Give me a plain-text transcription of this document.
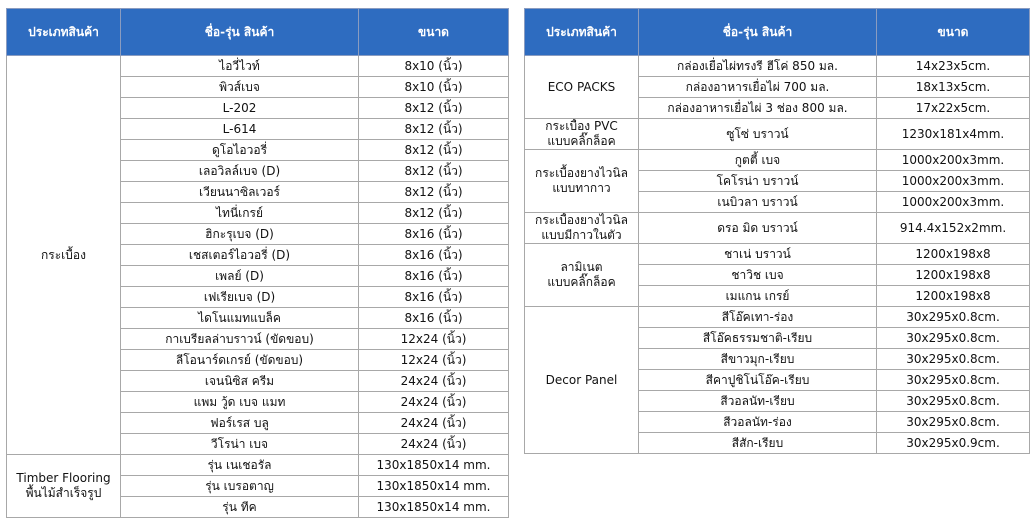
ประเภทสินค้า	ชื่อ-รุ่น สินค้า	ขนาด

กระเบื้อง	ไอวี่ไวท์	8x10 (นิ้ว)
	พิวส์เบจ	8x10 (นิ้ว)
	L-202	8x12 (นิ้ว)
	L-614	8x12 (นิ้ว)
	ดูโอไอวอรี่	8x12 (นิ้ว)
	เลอวิลล์เบจ (D)	8x12 (นิ้ว)
	เวียนนาซิลเวอร์	8x12 (นิ้ว)
	ไทนี่เกรย์	8x12 (นิ้ว)
	ฮิกะรุเบจ (D)	8x16 (นิ้ว)
	เชสเตอร์ไอวอรี่ (D)	8x16 (นิ้ว)
	เพลย์ (D)	8x16 (นิ้ว)
	เฟเรียเบจ (D)	8x16 (นิ้ว)
	ไดโนแมทแบล็ค	8x16 (นิ้ว)
	กาเบรียลล่าบราวน์ (ขัดขอบ)	12x24 (นิ้ว)
	ลีโอนาร์ดเกรย์ (ขัดขอบ)	12x24 (นิ้ว)
	เจนนิซิส ครีม	24x24 (นิ้ว)
	แพม วู้ด เบจ แมท	24x24 (นิ้ว)
	ฟอร์เรส บลู	24x24 (นิ้ว)
	วีโรน่า เบจ	24x24 (นิ้ว)

Timber Flooring
พื้นไม้สำเร็จรูป	รุ่น เนเชอรัล	130x1850x14 mm.
	รุ่น เบรอตาญ	130x1850x14 mm.
	รุ่น ทีค	130x1850x14 mm.
ประเภทสินค้า	ชื่อ-รุ่น สินค้า	ขนาด

ECO PACKS	กล่องเยื่อไผ่ทรงรี ฮีโค่ 850 มล.	14x23x5cm.
	กล่องอาหารเยื่อไผ่ 700 มล.	18x13x5cm.
	กล่องอาหารเยื่อไผ่ 3 ช่อง 800 มล.	17x22x5cm.

กระเบื้อง PVC
แบบคลิ๊กล็อค	ซูโซ่ บราวน์	1230x181x4mm.

กระเบื้องยางไวนิล
แบบทากาว	กูตตี้ เบจ	1000x200x3mm.
	โคโรน่า บราวน์	1000x200x3mm.
	เนบิวลา บราวน์	1000x200x3mm.

กระเบื้องยางไวนิล
แบบมีกาวในตัว	ดรอ มิด บราวน์	914.4x152x2mm.

ลามิเนต
แบบคลิ๊กล็อค	ชาเน่ บราวน์	1200x198x8
	ชาวิช เบจ	1200x198x8
	เมแกน เกรย์	1200x198x8

Decor Panel	สีโอ๊คเทา-ร่อง	30x295x0.8cm.
	สีโอ๊คธรรมชาติ-เรียบ	30x295x0.8cm.
	สีขาวมุก-เรียบ	30x295x0.8cm.
	สีคาปูชิโน่โอ๊ค-เรียบ	30x295x0.8cm.
	สีวอลนัท-เรียบ	30x295x0.8cm.
	สีวอลนัท-ร่อง	30x295x0.8cm.
	สีสัก-เรียบ	30x295x0.9cm.
